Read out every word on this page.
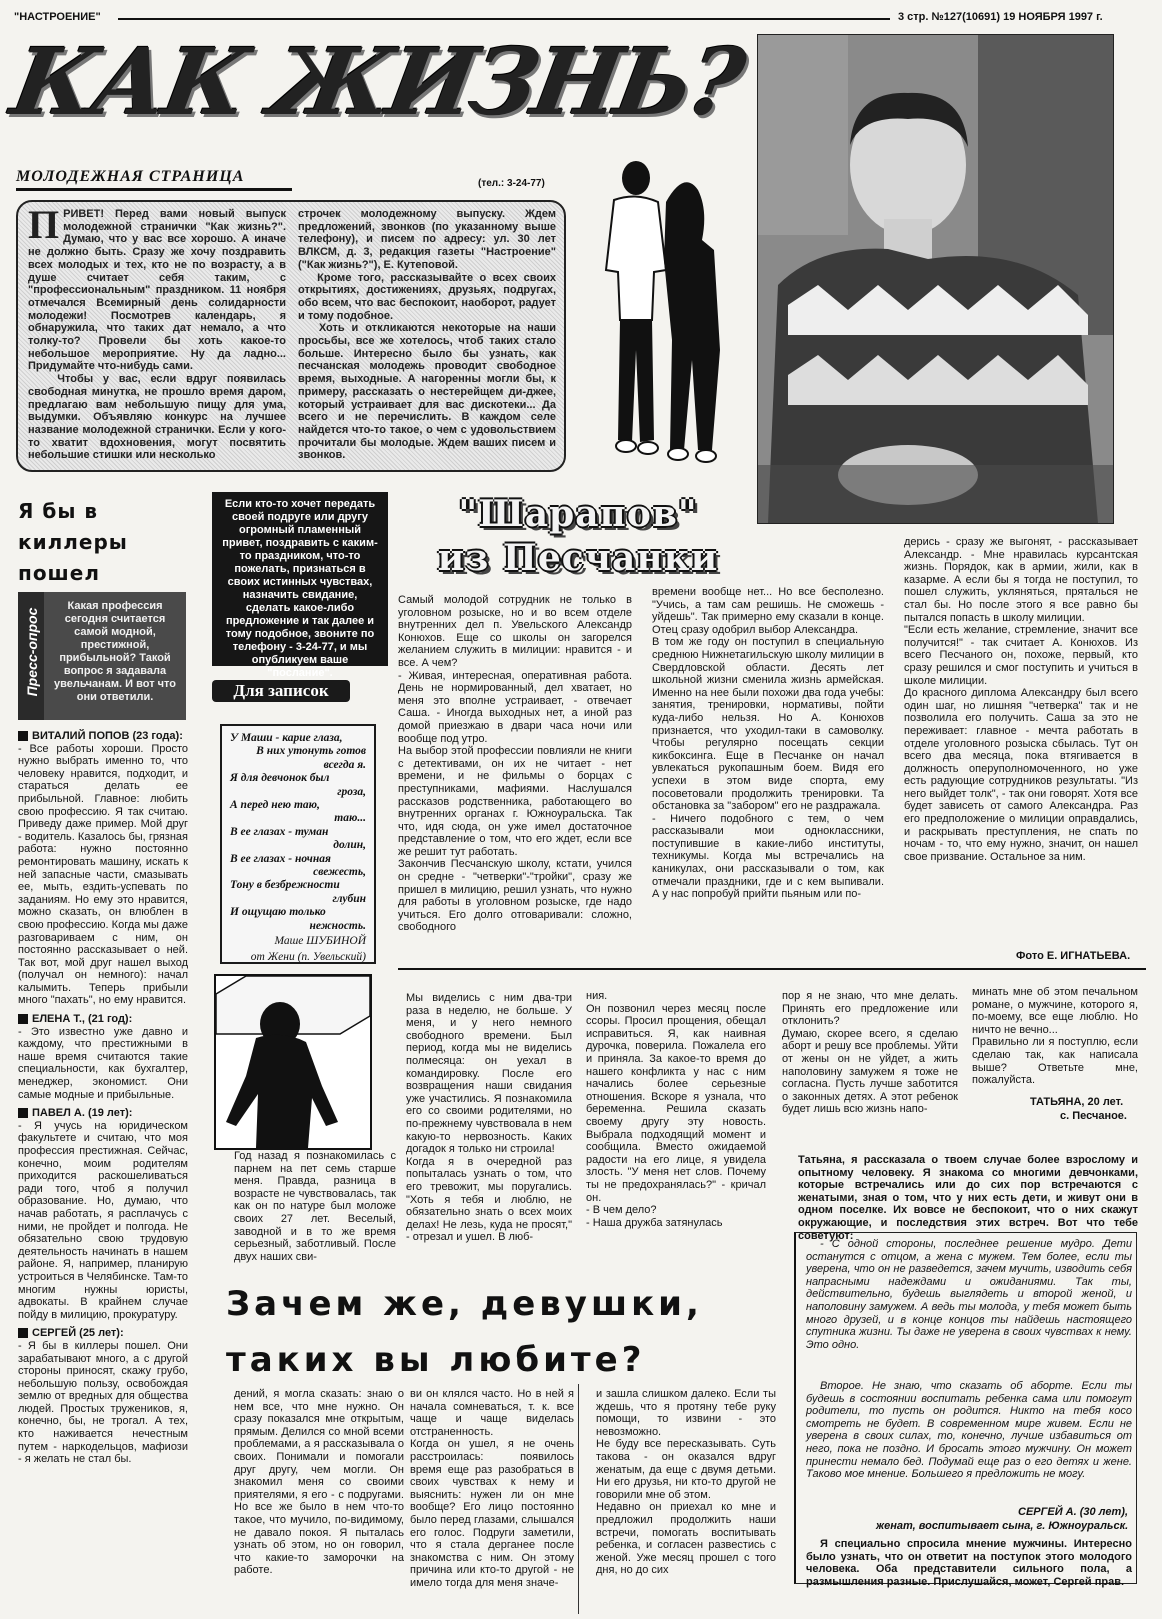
"НАСТРОЕНИЕ"	3 стр. №127(10691) 19 НОЯБРЯ 1997 г.
КАК ЖИЗНЬ?
МОЛОДЕЖНАЯ СТРАНИЦА	(тел.: 3-24-77)
ПРИВЕТ! Перед вами новый выпуск молодежной странички "Как жизнь?". Думаю, что у вас все хорошо. А иначе не должно быть. Сразу же хочу поздравить всех молодых и тех, кто не по возрасту, а в душе считает себя таким, с "профессиональным" праздником. 11 ноября отмечался Всемирный день солидарности молодежи! Посмотрев календарь, я обнаружила, что таких дат немало, а что толку-то? Провели бы хоть какое-то небольшое мероприятие. Ну да ладно... Придумайте что-нибудь сами.
Чтобы у вас, если вдруг появилась свободная минутка, не прошло время даром, предлагаю вам небольшую пищу для ума, выдумки. Объявляю конкурс на лучшее название молодежной странички. Если у кого-то хватит вдохновения, могут посвятить небольшие стишки или несколько
строчек молодежному выпуску. Ждем предложений, звонков (по указанному выше телефону), и писем по адресу: ул. 30 лет ВЛКСМ, д. 3, редакция газеты "Настроение" ("Как жизнь?"), Е. Кутеповой.
Кроме того, рассказывайте о всех своих открытиях, достижениях, друзьях, подругах, обо всем, что вас беспокоит, наоборот, радует и тому подобное.
Хоть и откликаются некоторые на наши просьбы, все же хотелось, чтоб таких стало больше. Интересно было бы узнать, как песчанская молодежь проводит свободное время, выходные. А нагоренны могли бы, к примеру, рассказать о нестерейщем ди-джее, который устраивает для вас дискотеки... Да всего и не перечислить. В каждом селе найдется что-то такое, о чем с удовольствием прочитали бы молодые. Ждем ваших писем и звонков.
Я бы в киллеры пошел
Если кто-то хочет передать своей подруге или другу огромный пламенный привет, поздравить с каким-то праздником, что-то пожелать, признаться в своих истинных чувствах, назначить свидание, сделать какое-либо предложение и так далее и тому подобное, звоните по телефону - 3-24-77, и мы опубликуем ваше "послание".
Пресс-опрос
Какая профессия сегодня считается самой модной, престижной, прибыльной? Такой вопрос я задавала увельчанам. И вот что они ответили.
ВИТАЛИЙ ПОПОВ (23 года):
- Все работы хороши. Просто нужно выбрать именно то, что человеку нравится, подходит, и стараться делать ее прибыльной. Главное: любить свою профессию. Я так считаю. Приведу даже пример. Мой друг - водитель. Казалось бы, грязная работа: нужно постоянно ремонтировать машину, искать к ней запасные части, смазывать ее, мыть, ездить-успевать по заданиям. Но ему это нравится, можно сказать, он влюблен в свою профессию. Когда мы даже разговариваем с ним, он постоянно рассказывает о ней. Так вот, мой друг нашел выход (получал он немного): начал калымить. Теперь прибыли много "пахать", но ему нравится.
ЕЛЕНА Т., (21 год):
- Это известно уже давно и каждому, что престижными в наше время считаются такие специальности, как бухгалтер, менеджер, экономист. Они самые модные и прибыльные.
ПАВЕЛ А. (19 лет):
- Я учусь на юридическом факультете и считаю, что моя профессия престижная. Сейчас, конечно, моим родителям приходится раскошеливаться ради того, чтоб я получил образование. Но, думаю, что начав работать, я расплачусь с ними, не пройдет и полгода. Не обязательно свою трудовую деятельность начинать в нашем районе. Я, например, планирую устроиться в Челябинске. Там-то многим нужны юристы, адвокаты. В крайнем случае пойду в милицию, прокуратуру.
СЕРГЕЙ (25 лет):
- Я бы в киллеры пошел. Они зарабатывают много, а с другой стороны приносят, скажу грубо, небольшую пользу, освобождая землю от вредных для общества людей. Простых тружеников, я, конечно, бы, не трогал. А тех, кто наживается нечестным путем - наркодельцов, мафиози - я желать не стал бы.
Для записок
У Маши - карие глаза,
В них утонуть готов
всегда я.
Я для девчонок был
гроза,
А перед нею таю,
таю...
В ее глазах - туман
долин,
В ее глазах - ночная
свежесть,
Тону в безбрежности
глубин
И ощущаю только
нежность.
Маше ШУБИНОЙ
от Жени (п. Увельский)
"Шарапов"
из Песчанки
Самый молодой сотрудник не только в уголовном розыске, но и во всем отделе внутренних дел п. Увельского Александр Конюхов. Еще со школы он загорелся желанием служить в милиции: нравится - и все. А чем?
- Живая, интересная, оперативная работа. День не нормированный, дел хватает, но меня это вполне устраивает, - отвечает Саша. - Иногда выходных нет, а иной раз домой приезжаю в двари часа ночи или вообще под утро.
На выбор этой профессии повлияли не книги с детективами, он их не читает - нет времени, и не фильмы о борцах с преступниками, мафиями. Наслушался рассказов родственника, работающего во внутренних органах г. Южноуральска. Так что, идя сюда, он уже имел достаточное представление о том, что его ждет, если все же решит тут работать.
Закончив Песчанскую школу, кстати, учился он средне - "четверки"-"тройки", сразу же пришел в милицию, решил узнать, что нужно для работы в уголовном розыске, где надо учиться. Его долго отговаривали: сложно, свободного
времени вообще нет... Но все бесполезно. "Учись, а там сам решишь. Не сможешь - уйдешь". Так примерно ему сказали в конце. Отец сразу одобрил выбор Александра.
В том же году он поступил в специальную среднюю Нижнетагильскую школу милиции в Свердловской области. Десять лет школьной жизни сменила жизнь армейская. Именно на нее были похожи два года учебы: занятия, тренировки, нормативы, пойти куда-либо нельзя. Но А. Конюхов признается, что уходил-таки в самоволку. Чтобы регулярно посещать секции кикбоксинга. Еще в Песчанке он начал увлекаться рукопашным боем. Видя его успехи в этом виде спорта, ему посоветовали продолжить тренировки. Та обстановка за "забором" его не раздражала.
- Ничего подобного с тем, о чем рассказывали мои одноклассники, поступившие в какие-либо институты, техникумы. Когда мы встречались на каникулах, они рассказывали о том, как отмечали праздники, где и с кем выпивали. А у нас попробуй прийти пьяным или по-
дерись - сразу же выгонят, - рассказывает Александр. - Мне нравилась курсантская жизнь. Порядок, как в армии, жили, как в казарме. А если бы я тогда не поступил, то пошел служить, укляняться, пряталься не стал бы. Но после этого я все равно бы пытался попасть в школу милиции.
"Если есть желание, стремление, значит все получится!" - так считает А. Конюхов. Из всего Песчаного он, похоже, первый, кто сразу решился и смог поступить и учиться в школе милиции.
До красного диплома Александру был всего один шаг, но лишняя "четверка" так и не позволила его получить. Саша за это не переживает: главное - мечта работать в отделе уголовного розыска сбылась. Тут он всего два месяца, пока втягивается в должность оперуполномоченного, но уже есть радующие сотрудников результаты. "Из него выйдет толк", - так они говорят. Хотя все будет зависеть от самого Александра. Раз его предположение о милиции оправдались, и раскрывать преступления, не спать по ночам - то, что ему нужно, значит, он нашел свое призвание. Остальное за ним.
Фото Е. ИГНАТЬЕВА.
Год назад я познакомилась с парнем на пет семь старше меня. Правда, разница в возрасте не чувствовалась, так как он по натуре был моложе своих 27 лет. Веселый, заводной и в то же время серьезный, заботливый. После двух наших сви-
Мы виделись с ним два-три раза в неделю, не больше. У меня, и у него немного свободного времени. Был период, когда мы не виделись полмесяца: он уехал в командировку. После его возвращения наши свидания уже участились. Я познакомила его со своими родителями, но по-прежнему чувствовала в нем какую-то нервозность. Каких догадок я только ни строила!
Когда я в очередной раз попыталась узнать о том, что его тревожит, мы поругались. "Хоть я тебя и люблю, не обязательно знать о всех моих делах! Не лезь, куда не просят," - отрезал и ушел. В люб-
ния.
Он позвонил через месяц после ссоры. Просил прощения, обещал исправиться. Я, как наивная дурочка, поверила. Пожалела его и приняла. За какое-то время до нашего конфликта у нас с ним начались более серьезные отношения. Вскоре я узнала, что беременна. Решила сказать своему другу эту новость. Выбрала подходящий момент и сообщила. Вместо ожидаемой радости на его лице, я увидела злость. "У меня нет слов. Почему ты не предохранялась?" - кричал он.
- В чем дело?
- Наша дружба затянулась
пор я не знаю, что мне делать. Принять его предложение или отклонить?
Думаю, скорее всего, я сделаю аборт и решу все проблемы. Уйти от жены он не уйдет, а жить наполовину замужем я тоже не согласна. Пусть лучше заботится о законных детях. А этот ребенок будет лишь всю жизнь напо-
минать мне об этом печальном романе, о мужчине, которого я, по-моему, все еще люблю. Но ничто не вечно...
Правильно ли я поступлю, если сделаю так, как написала выше? Ответьте мне, пожалуйста.
ТАТЬЯНА, 20 лет.
с. Песчаное.
Татьяна, я рассказала о твоем случае более взрослому и опытному человеку. Я знакома со многими девчонками, которые встречались или до сих пор встречаются с женатыми, зная о том, что у них есть дети, и живут они в одном поселке. Их вовсе не беспокоит, что о них скажут окружающие, и последствия этих встреч. Вот что тебе советуют:
Зачем же, девушки, таких вы любите?
дений, я могла сказать: знаю о нем все, что мне нужно. Он сразу показался мне открытым, прямым. Делился со мной всеми проблемами, а я рассказывала о своих. Понимали и помогали друг другу, чем могли. Он знакомил меня со своими приятелями, я его - с подругами. Но все же было в нем что-то такое, что мучило, по-видимому, не давало покоя. Я пыталась узнать об этом, но он говорил, что какие-то заморочки на работе.
ви он клялся часто. Но в ней я начала сомневаться, т. к. все чаще и чаще виделась отстраненность.
Когда он ушел, я не очень расстроилась: появилось время еще раз разобраться в своих чувствах к нему и выяснить: нужен ли он мне вообще? Его лицо постоянно было перед глазами, слышался его голос. Подруги заметили, что я стала дерганее после знакомства с ним. Он этому причина или кто-то другой - не имело тогда для меня значе-
и зашла слишком далеко. Если ты ждешь, что я протяну тебе руку помощи, то извини - это невозможно.
Не буду все пересказывать. Суть такова - он оказался вдруг женатым, да еще с двумя детьми. Ни его друзья, ни кто-то другой не говорили мне об этом.
Недавно он приехал ко мне и предложил продолжить наши встречи, помогать воспитывать ребенка, и согласен развестись с женой. Уже месяц прошел с того дня, но до сих

- С одной стороны, последнее решение мудро. Дети останутся с отцом, а жена с мужем. Тем более, если ты уверена, что он не разведется, зачем мучить, изводить себя напрасными надеждами и ожиданиями. Так ты, действительно, будешь выглядеть и второй женой, и наполовину замужем. А ведь ты молода, у тебя может быть много друзей, и в конце концов ты найдешь настоящего спутника жизни. Ты даже не уверена в своих чувствах к нему. Это одно.

Второе. Не знаю, что сказать об аборте. Если ты будешь в состоянии воспитать ребенка сама или помогут родители, то пусть он родится. Никто на тебя косо смотреть не будет. В современном мире живем. Если не уверена в своих силах, то, конечно, лучше избавиться от него, пока не поздно. И бросать этого мужчину. Он может принести немало бед. Подумай еще раз о его детях и жене. Таково мое мнение. Большего я предложить не могу.

СЕРГЕЙ А. (30 лет),
женат, воспитывает сына, г. Южноуральск.

Я специально спросила мнение мужчины. Интересно было узнать, что он ответит на поступок этого молодого человека. Оба представители сильного пола, а размышления разные. Прислушайся, может, Сергей прав.
